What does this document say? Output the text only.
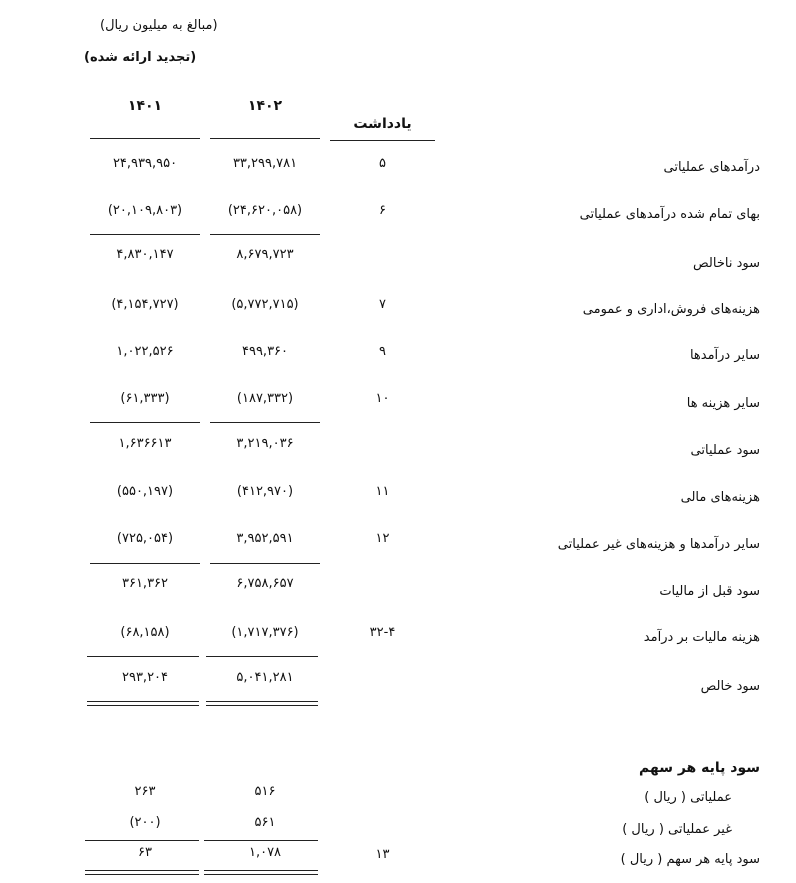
(مبالغ به میلیون ریال)
(تجدید ارائه شده)
۱۴۰۱	۱۴۰۲
یادداشت
درآمدهای عملیاتی
۵
۳۳,۲۹۹,۷۸۱
۲۴,۹۳۹,۹۵۰
بهای تمام شده درآمدهای عملیاتی
۶
(۲۴,۶۲۰,۰۵۸)
(۲۰,۱۰۹,۸۰۳)
سود ناخالص
۸,۶۷۹,۷۲۳
۴,۸۳۰,۱۴۷
هزینه‌های فروش،اداری و عمومی
۷
(۵,۷۷۲,۷۱۵)
(۴,۱۵۴,۷۲۷)
سایر درآمدها
۹
۴۹۹,۳۶۰
۱,۰۲۲,۵۲۶
سایر هزینه ها
۱۰
(۱۸۷,۳۳۲)
(۶۱,۳۳۳)
سود عملیاتی
۳,۲۱۹,۰۳۶
۱,۶۳۶۶۱۳
هزینه‌های مالی
۱۱
(۴۱۲,۹۷۰)
(۵۵۰,۱۹۷)
سایر درآمدها و هزینه‌های غیر عملیاتی
۱۲
۳,۹۵۲,۵۹۱
(۷۲۵,۰۵۴)
سود قبل از مالیات
۶,۷۵۸,۶۵۷
۳۶۱,۳۶۲
هزینه مالیات بر درآمد
۳۲-۴
(۱,۷۱۷,۳۷۶)
(۶۸,۱۵۸)
سود خالص
۵,۰۴۱,۲۸۱
۲۹۳,۲۰۴
سود پایه هر سهم
عملیاتی ( ریال )
۵۱۶
۲۶۳
غیر عملیاتی ( ریال )
۵۶۱
(۲۰۰)
سود پایه هر سهم ( ریال )
۱۳
۱,۰۷۸
۶۳
